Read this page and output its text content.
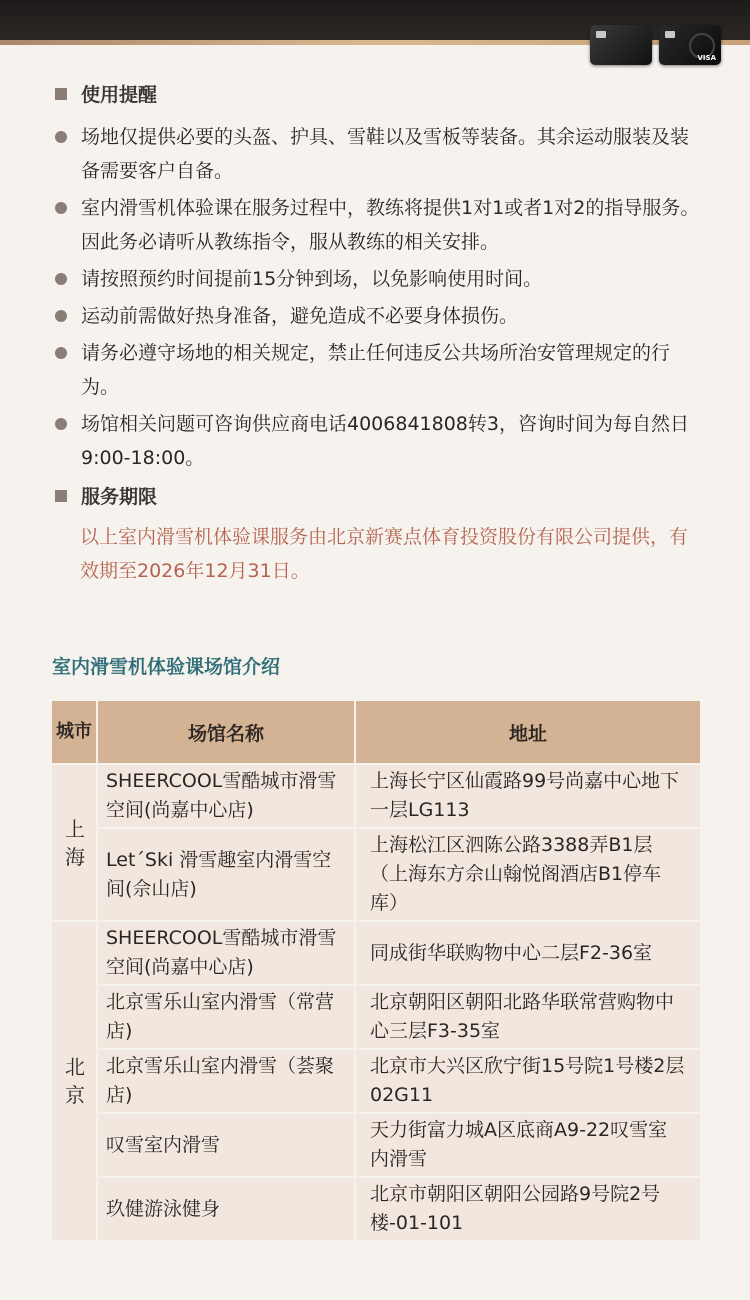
VISA
使用提醒
场地仅提供必要的头盔、护具、雪鞋以及雪板等装备。其余运动服装及装备需要客户自备。
室内滑雪机体验课在服务过程中，教练将提供1对1或者1对2的指导服务。因此务必请听从教练指令，服从教练的相关安排。
请按照预约时间提前15分钟到场，以免影响使用时间。
运动前需做好热身准备，避免造成不必要身体损伤。
请务必遵守场地的相关规定，禁止任何违反公共场所治安管理规定的行为。
场馆相关问题可咨询供应商电话4006841808转3，咨询时间为每自然日9:00-18:00。
服务期限
以上室内滑雪机体验课服务由北京新赛点体育投资股份有限公司提供，有效期至2026年12月31日。
室内滑雪机体验课场馆介绍
城市	场馆名称	地址
上海	SHEERCOOL雪酷城市滑雪空间(尚嘉中心店)	上海长宁区仙霞路99号尚嘉中心地下一层LG113
	Let´Ski 滑雪趣室内滑雪空间(佘山店)	上海松江区泗陈公路3388弄B1层（上海东方佘山翰悦阁酒店B1停车库）
北京	SHEERCOOL雪酷城市滑雪空间(尚嘉中心店)	同成街华联购物中心二层F2-36室
	北京雪乐山室内滑雪（常营店)	北京朝阳区朝阳北路华联常营购物中心三层F3-35室
	北京雪乐山室内滑雪（荟聚店)	北京市大兴区欣宁街15号院1号楼2层02G11
	叹雪室内滑雪	天力街富力城A区底商A9-22叹雪室内滑雪
	玖健游泳健身	北京市朝阳区朝阳公园路9号院2号楼-01-101
